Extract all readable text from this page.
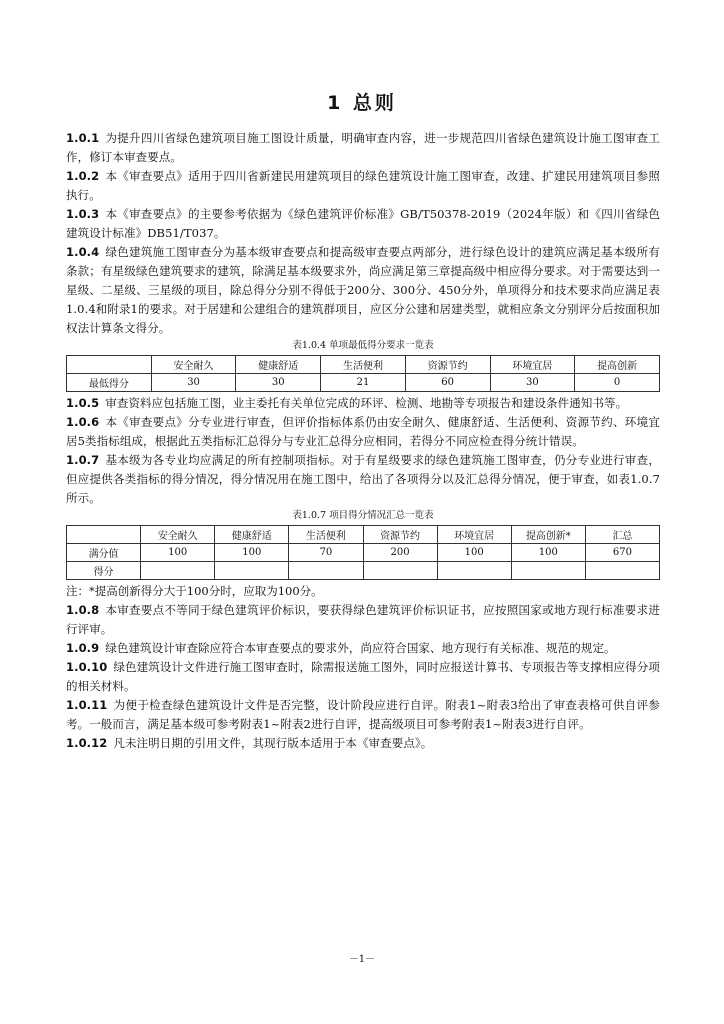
1 总则

1.0.1 为提升四川省绿色建筑项目施工图设计质量，明确审查内容，进一步规范四川省绿色建筑设计施工图审查工作，修订本审查要点。

1.0.2 本《审查要点》适用于四川省新建民用建筑项目的绿色建筑设计施工图审查，改建、扩建民用建筑项目参照执行。

1.0.3 本《审查要点》的主要参考依据为《绿色建筑评价标准》GB/T50378-2019（2024年版）和《四川省绿色建筑设计标准》DB51/T037。

1.0.4 绿色建筑施工图审查分为基本级审查要点和提高级审查要点两部分，进行绿色设计的建筑应满足基本级所有条款；有星级绿色建筑要求的建筑，除满足基本级要求外，尚应满足第三章提高级中相应得分要求。对于需要达到一星级、二星级、三星级的项目，除总得分分别不得低于200分、300分、450分外，单项得分和技术要求尚应满足表1.0.4和附录1的要求。对于居建和公建组合的建筑群项目，应区分公建和居建类型，就相应条文分别评分后按面积加权法计算条文得分。

表1.0.4 单项最低得分要求一览表

	安全耐久	健康舒适	生活便利	资源节约	环境宜居	提高创新
最低得分	30	30	21	60	30	0

1.0.5 审查资料应包括施工图，业主委托有关单位完成的环评、检测、地勘等专项报告和建设条件通知书等。

1.0.6 本《审查要点》分专业进行审查，但评价指标体系仍由安全耐久、健康舒适、生活便利、资源节约、环境宜居5类指标组成，根据此五类指标汇总得分与专业汇总得分应相同，若得分不同应检查得分统计错误。

1.0.7 基本级为各专业均应满足的所有控制项指标。对于有星级要求的绿色建筑施工图审查，仍分专业进行审查，但应提供各类指标的得分情况，得分情况用在施工图中，给出了各项得分以及汇总得分情况，便于审查，如表1.0.7所示。

表1.0.7 项目得分情况汇总一览表

	安全耐久	健康舒适	生活便利	资源节约	环境宜居	提高创新*	汇总
满分值	100	100	70	200	100	100	670
得分							

注：*提高创新得分大于100分时，应取为100分。

1.0.8 本审查要点不等同于绿色建筑评价标识，要获得绿色建筑评价标识证书，应按照国家或地方现行标准要求进行评审。

1.0.9 绿色建筑设计审查除应符合本审查要点的要求外，尚应符合国家、地方现行有关标准、规范的规定。

1.0.10 绿色建筑设计文件进行施工图审查时，除需报送施工图外，同时应报送计算书、专项报告等支撑相应得分项的相关材料。

1.0.11 为便于检查绿色建筑设计文件是否完整，设计阶段应进行自评。附表1~附表3给出了审查表格可供自评参考。一般而言，满足基本级可参考附表1~附表2进行自评，提高级项目可参考附表1~附表3进行自评。

1.0.12 凡未注明日期的引用文件，其现行版本适用于本《审查要点》。

－1－
